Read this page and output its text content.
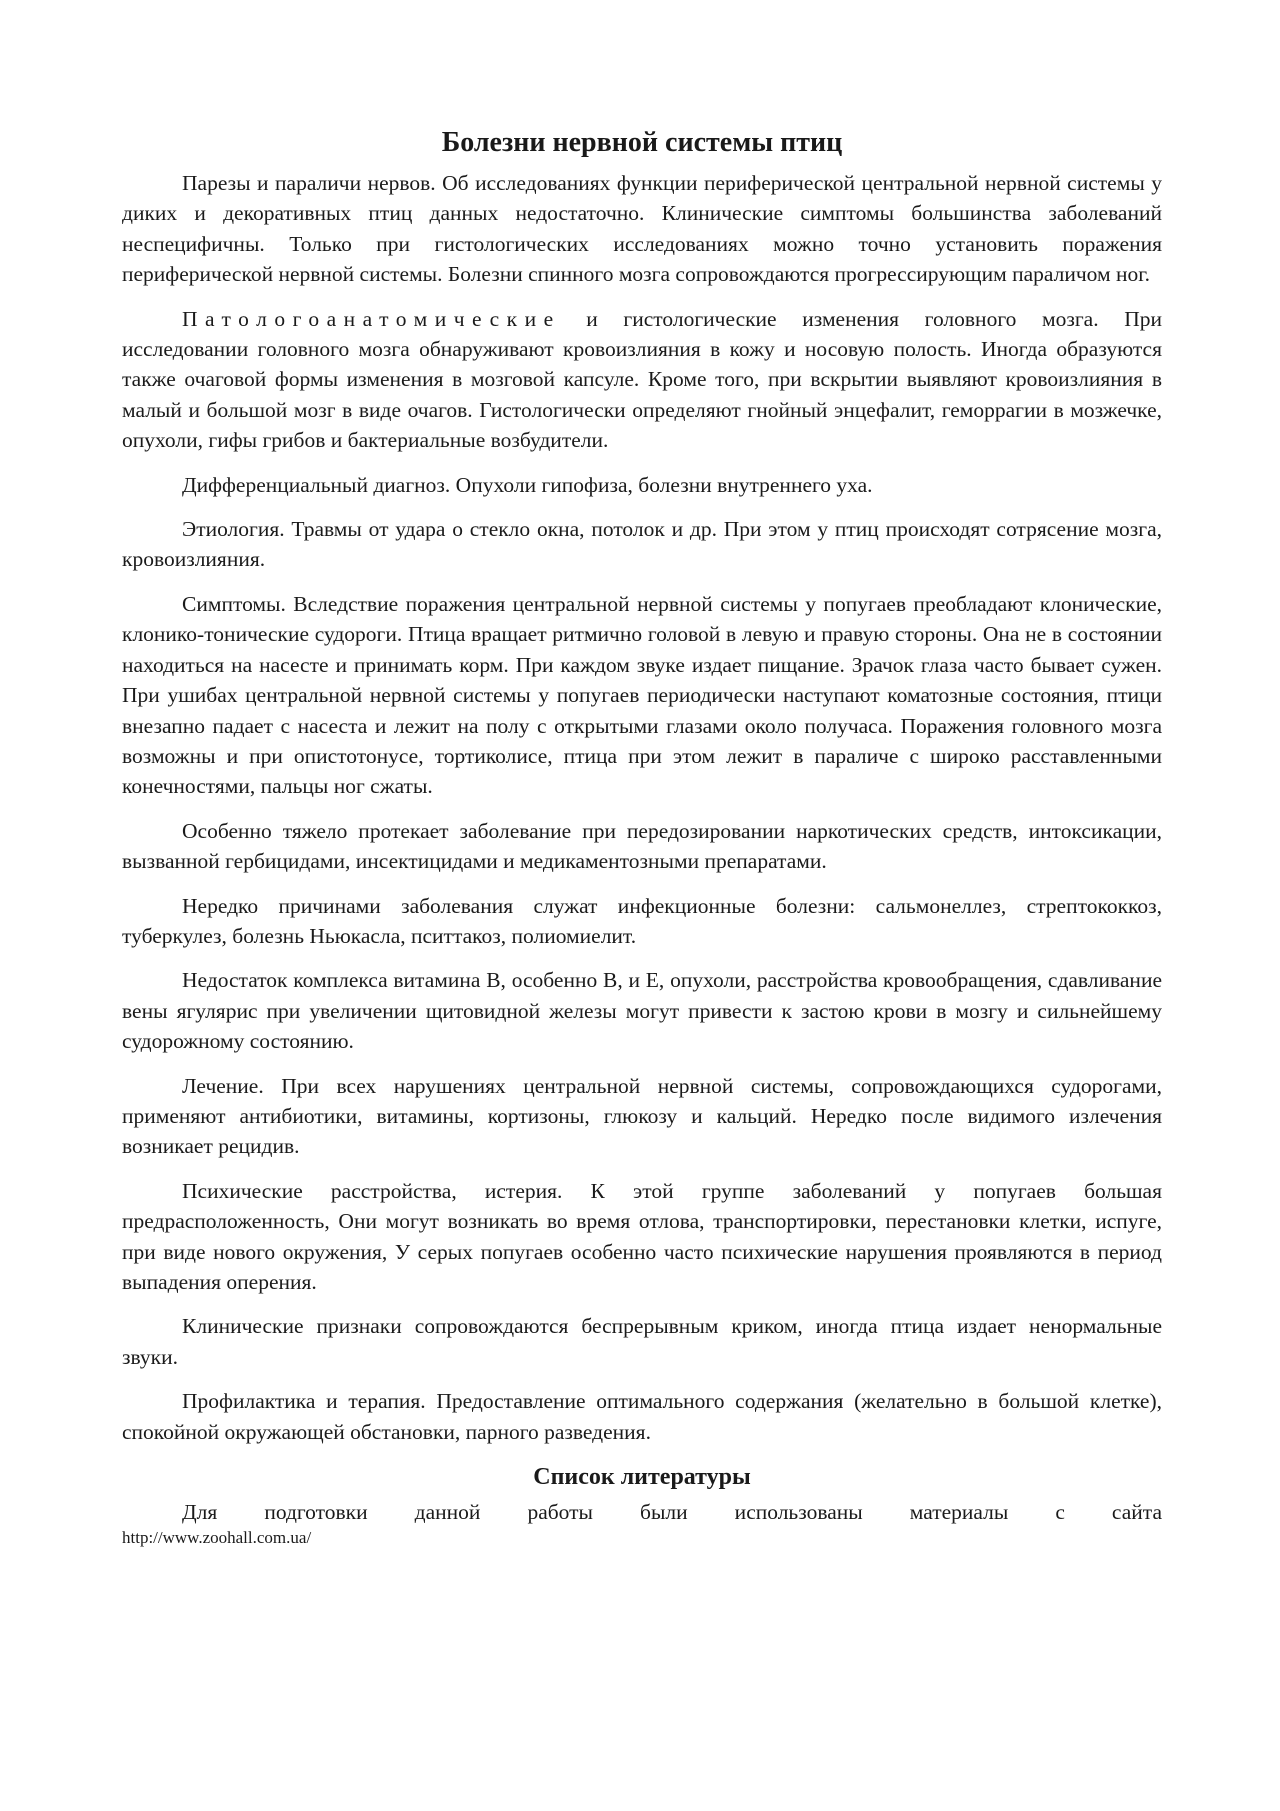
Болезни нервной системы птиц

Парезы и параличи нервов. Об исследованиях функции периферической центральной нервной системы у диких и декоративных птиц данных недостаточно. Клинические симптомы большинства заболеваний неспецифичны. Только при гистологических исследованиях можно точно установить поражения периферической нервной системы. Болезни спинного мозга сопровождаются прогрессирующим параличом ног.

Патологоанатомические и гистологические изменения головного мозга. При исследовании головного мозга обнаруживают кровоизлияния в кожу и носовую полость. Иногда образуются также очаговой формы изменения в мозговой капсуле. Кроме того, при вскрытии выявляют кровоизлияния в малый и большой мозг в виде очагов. Гистологически определяют гнойный энцефалит, геморрагии в мозжечке, опухоли, гифы грибов и бактериальные возбудители.

Дифференциальный диагноз. Опухоли гипофиза, болезни внутреннего уха.

Этиология. Травмы от удара о стекло окна, потолок и др. При этом у птиц происходят сотрясение мозга, кровоизлияния.

Симптомы. Вследствие поражения центральной нервной системы у попугаев преобладают клонические, клонико-тонические судороги. Птица вращает ритмично головой в левую и правую стороны. Она не в состоянии находиться на насесте и принимать корм. При каждом звуке издает пищание. Зрачок глаза часто бывает сужен. При ушибах центральной нервной системы у попугаев периодически наступают коматозные состояния, птици внезапно падает с насеста и лежит на полу с открытыми глазами около получаса. Поражения головного мозга возможны и при опистотонусе, тортиколисе, птица при этом лежит в параличе с широко расставленными конечностями, пальцы ног сжаты.

Особенно тяжело протекает заболевание при передозировании наркотических средств, интоксикации, вызванной гербицидами, инсектицидами и медикаментозными препаратами.

Нередко причинами заболевания служат инфекционные болезни: сальмонеллез, стрептококкоз, туберкулез, болезнь Ньюкасла, пситтакоз, полиомиелит.

Недостаток комплекса витамина В, особенно В, и Е, опухоли, расстройства кровообращения, сдавливание вены ягулярис при увеличении щитовидной железы могут привести к застою крови в мозгу и сильнейшему судорожному состоянию.

Лечение. При всех нарушениях центральной нервной системы, сопровождающихся судорогами, применяют антибиотики, витамины, кортизоны, глюкозу и кальций. Нередко после видимого излечения возникает рецидив.

Психические расстройства, истерия. К этой группе заболеваний у попугаев большая предрасположенность, Они могут возникать во время отлова, транспортировки, перестановки клетки, испуге, при виде нового окружения, У серых попугаев особенно часто психические нарушения проявляются в период выпадения оперения.

Клинические признаки сопровождаются беспрерывным криком, иногда птица издает ненормальные звуки.

Профилактика и терапия. Предоставление оптимального содержания (желательно в большой клетке), спокойной окружающей обстановки, парного разведения.

Список литературы

Для подготовки данной работы были использованы материалы с сайта

http://www.zoohall.com.ua/
